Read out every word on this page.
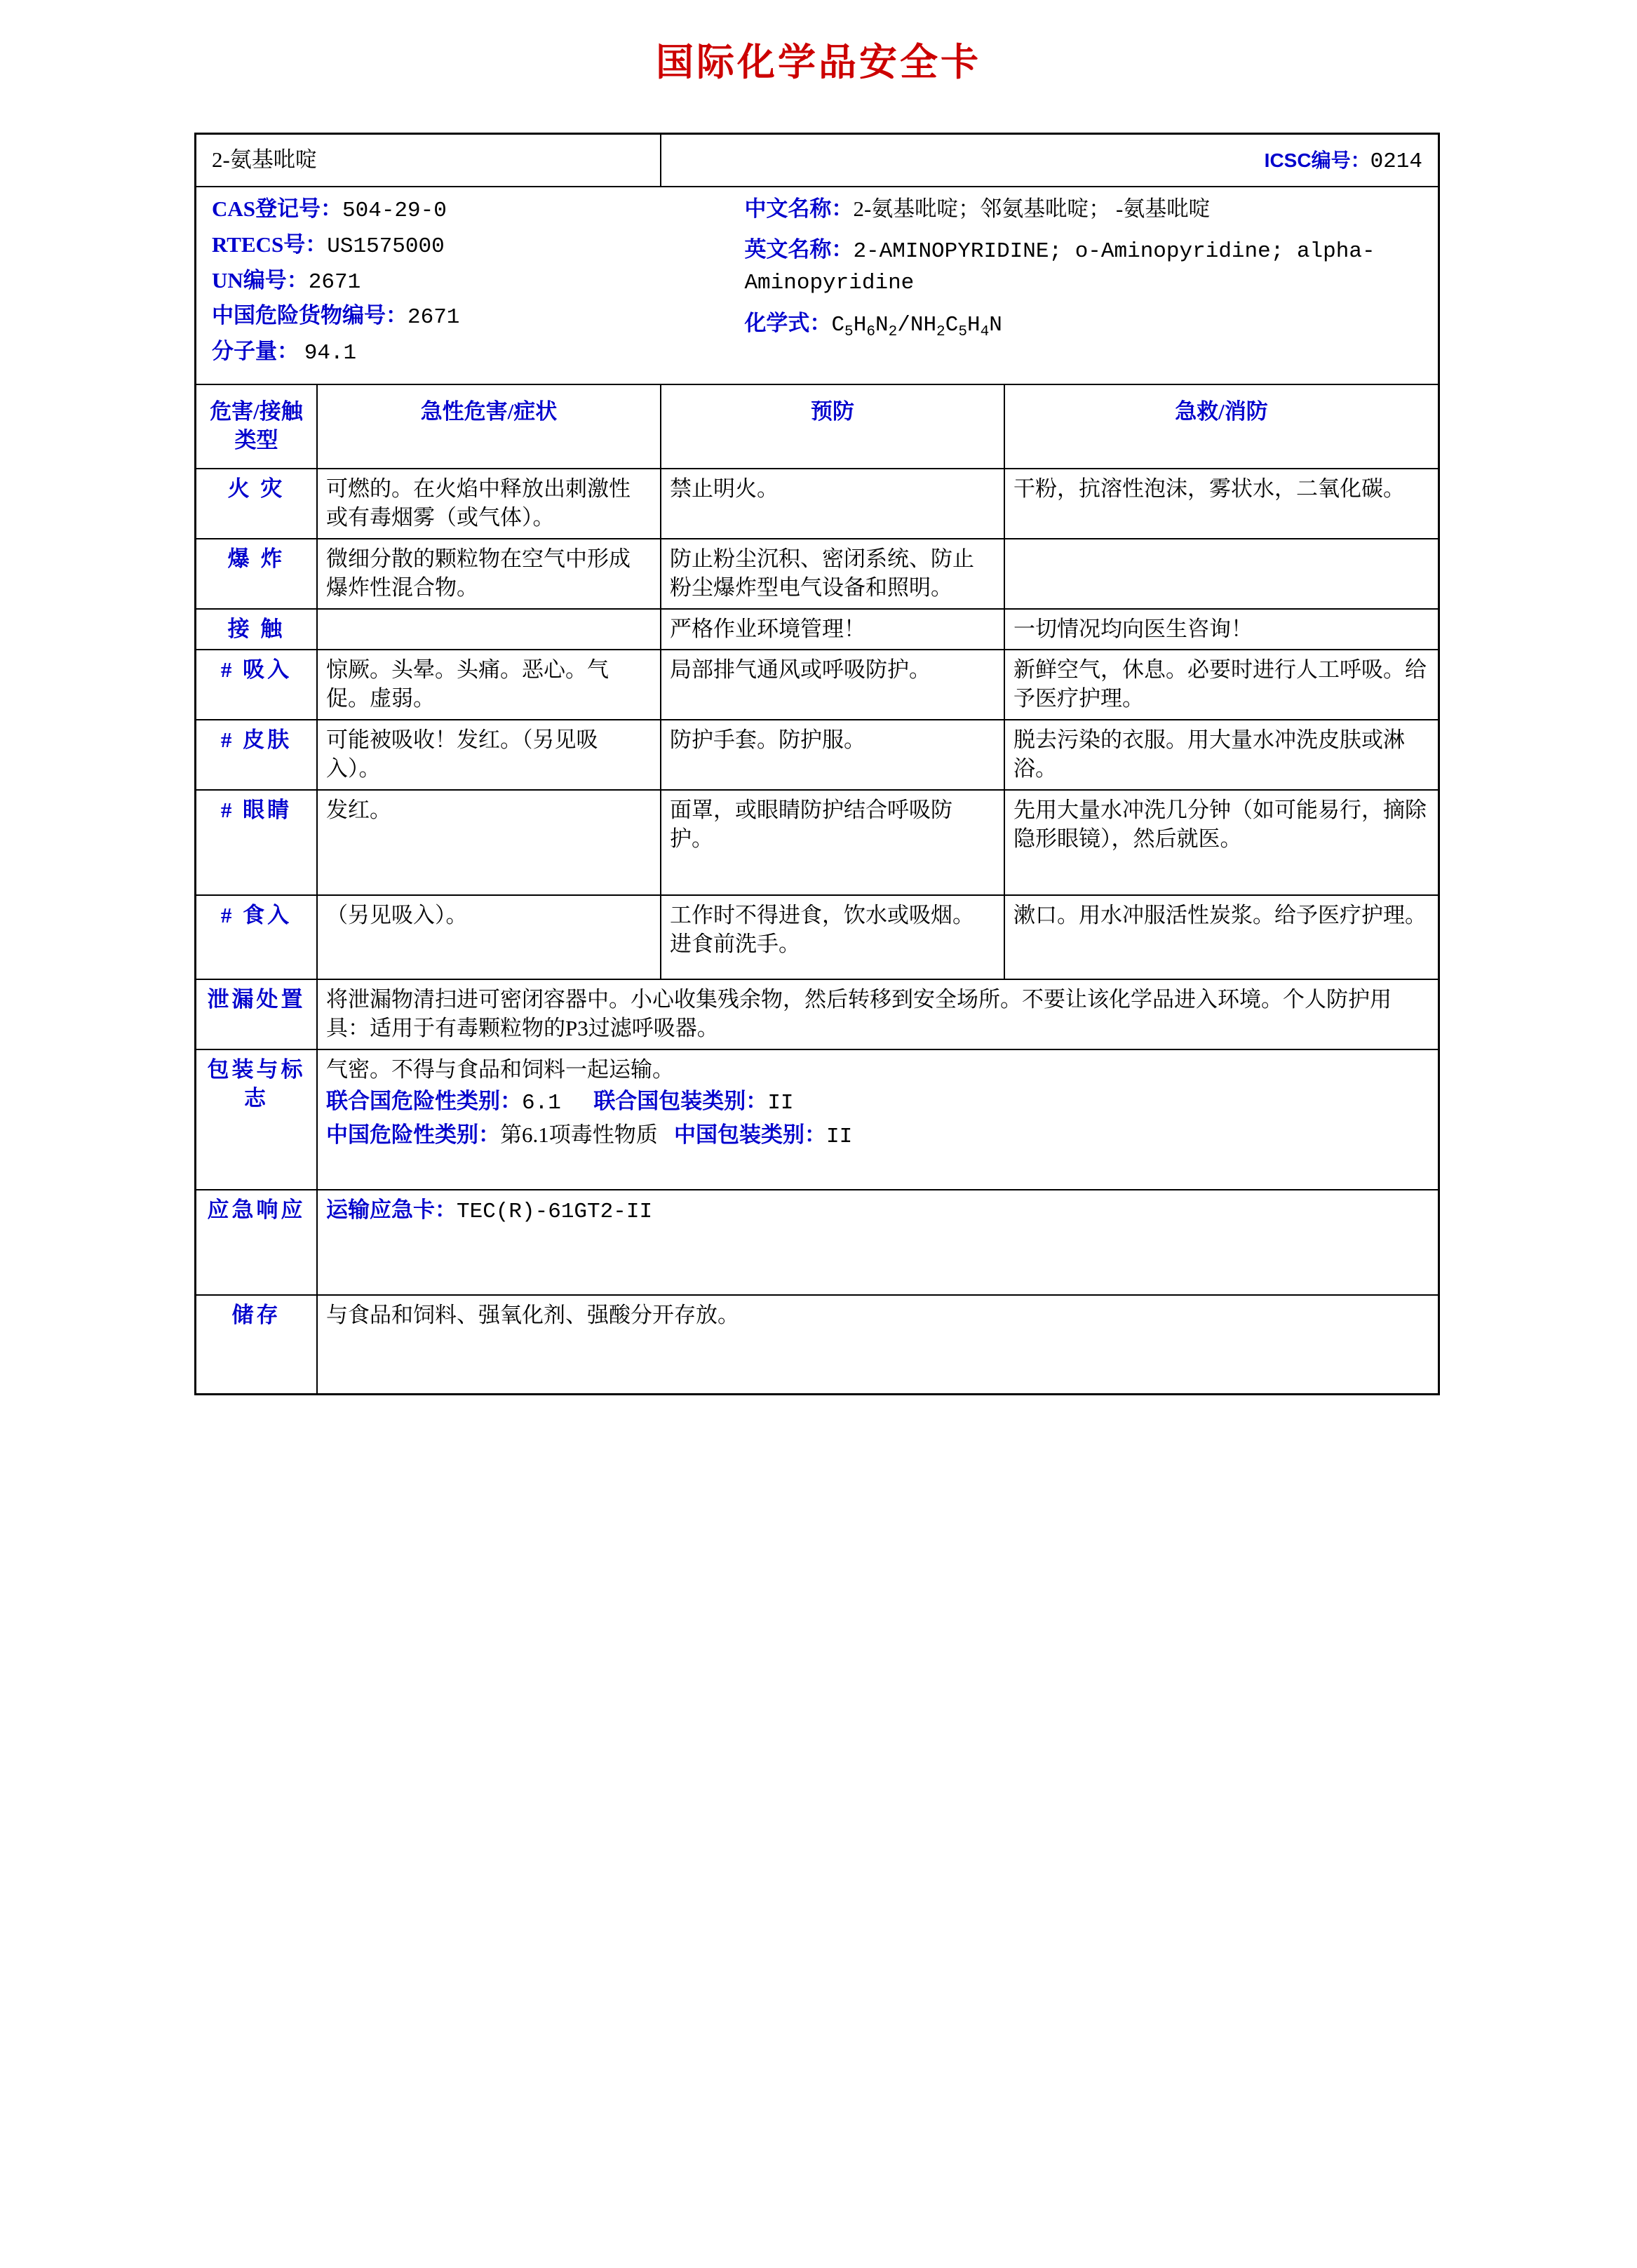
国际化学品安全卡
2-氨基吡啶		ICSC编号：0214	

CAS登记号：504-29-0

RTECS号：US1575000

UN编号：2671

中国危险货物编号：2671

分子量： 94.1

中文名称：2-氨基吡啶；邻氨基吡啶； -氨基吡啶

英文名称：2-AMINOPYRIDINE; o-Aminopyridine; alpha-Aminopyridine

化学式：$C_5H_6N_2/NH_2C_5H_4N$

危害/接触
类型	急性危害/症状	预防	急救/消防
火 灾	可燃的。在火焰中释放出刺激性或有毒烟雾（或气体）。	禁止明火。	干粉，抗溶性泡沫，雾状水，二氧化碳。
爆 炸	微细分散的颗粒物在空气中形成爆炸性混合物。	防止粉尘沉积、密闭系统、防止粉尘爆炸型电气设备和照明。	
接 触		严格作业环境管理！	一切情况均向医生咨询！
# 吸入	惊厥。头晕。头痛。恶心。气促。虚弱。	局部排气通风或呼吸防护。	新鲜空气，休息。必要时进行人工呼吸。给予医疗护理。
# 皮肤	可能被吸收！发红。（另见吸入）。	防护手套。防护服。	脱去污染的衣服。用大量水冲洗皮肤或淋浴。
# 眼睛	发红。	面罩，或眼睛防护结合呼吸防护。	先用大量水冲洗几分钟（如可能易行，摘除隐形眼镜），然后就医。
# 食入	（另见吸入）。	工作时不得进食，饮水或吸烟。进食前洗手。	漱口。用水冲服活性炭浆。给予医疗护理。
泄漏处置	将泄漏物清扫进可密闭容器中。小心收集残余物，然后转移到安全场所。不要让该化学品进入环境。个人防护用具：适用于有毒颗粒物的P3过滤呼吸器。		
包装与标志	气密。不得与食品和饲料一起运输。
联合国危险性类别：6.1 联合国包装类别：II
中国危险性类别：第6.1项毒性物质 中国包装类别：II		

应急响应	运输应急卡：TEC(R)-61GT2-II		
储存	与食品和饲料、强氧化剂、强酸分开存放。		
